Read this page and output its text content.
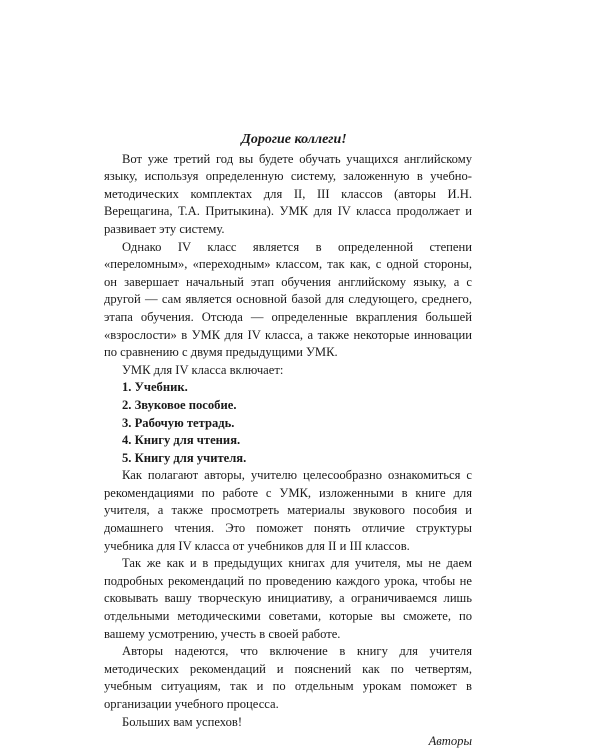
Дорогие коллеги!

Вот уже третий год вы будете обучать учащихся английскому языку, используя определенную систему, заложенную в учебно-методических комплектах для II, III классов (авторы И.Н. Верещагина, Т.А. Притыкина). УМК для IV класса продолжает и развивает эту систему.

Однако IV класс является в определенной степени «переломным», «переходным» классом, так как, с одной стороны, он завершает начальный этап обучения английскому языку, а с другой — сам является основной базой для следующего, среднего, этапа обучения. Отсюда — определенные вкрапления большей «взрослости» в УМК для IV класса, а также некоторые инновации по сравнению с двумя предыдущими УМК.

УМК для IV класса включает:

1. Учебник.
2. Звуковое пособие.
3. Рабочую тетрадь.
4. Книгу для чтения.
5. Книгу для учителя.

Как полагают авторы, учителю целесообразно ознакомиться с рекомендациями по работе с УМК, изложенными в книге для учителя, а также просмотреть материалы звукового пособия и домашнего чтения. Это поможет понять отличие структуры учебника для IV класса от учебников для II и III классов.

Так же как и в предыдущих книгах для учителя, мы не даем подробных рекомендаций по проведению каждого урока, чтобы не сковывать вашу творческую инициативу, а ограничиваемся лишь отдельными методическими советами, которые вы сможете, по вашему усмотрению, учесть в своей работе.

Авторы надеются, что включение в книгу для учителя методических рекомендаций и пояснений как по четвертям, учебным ситуациям, так и по отдельным урокам поможет в организации учебного процесса.

Больших вам успехов!

Авторы
